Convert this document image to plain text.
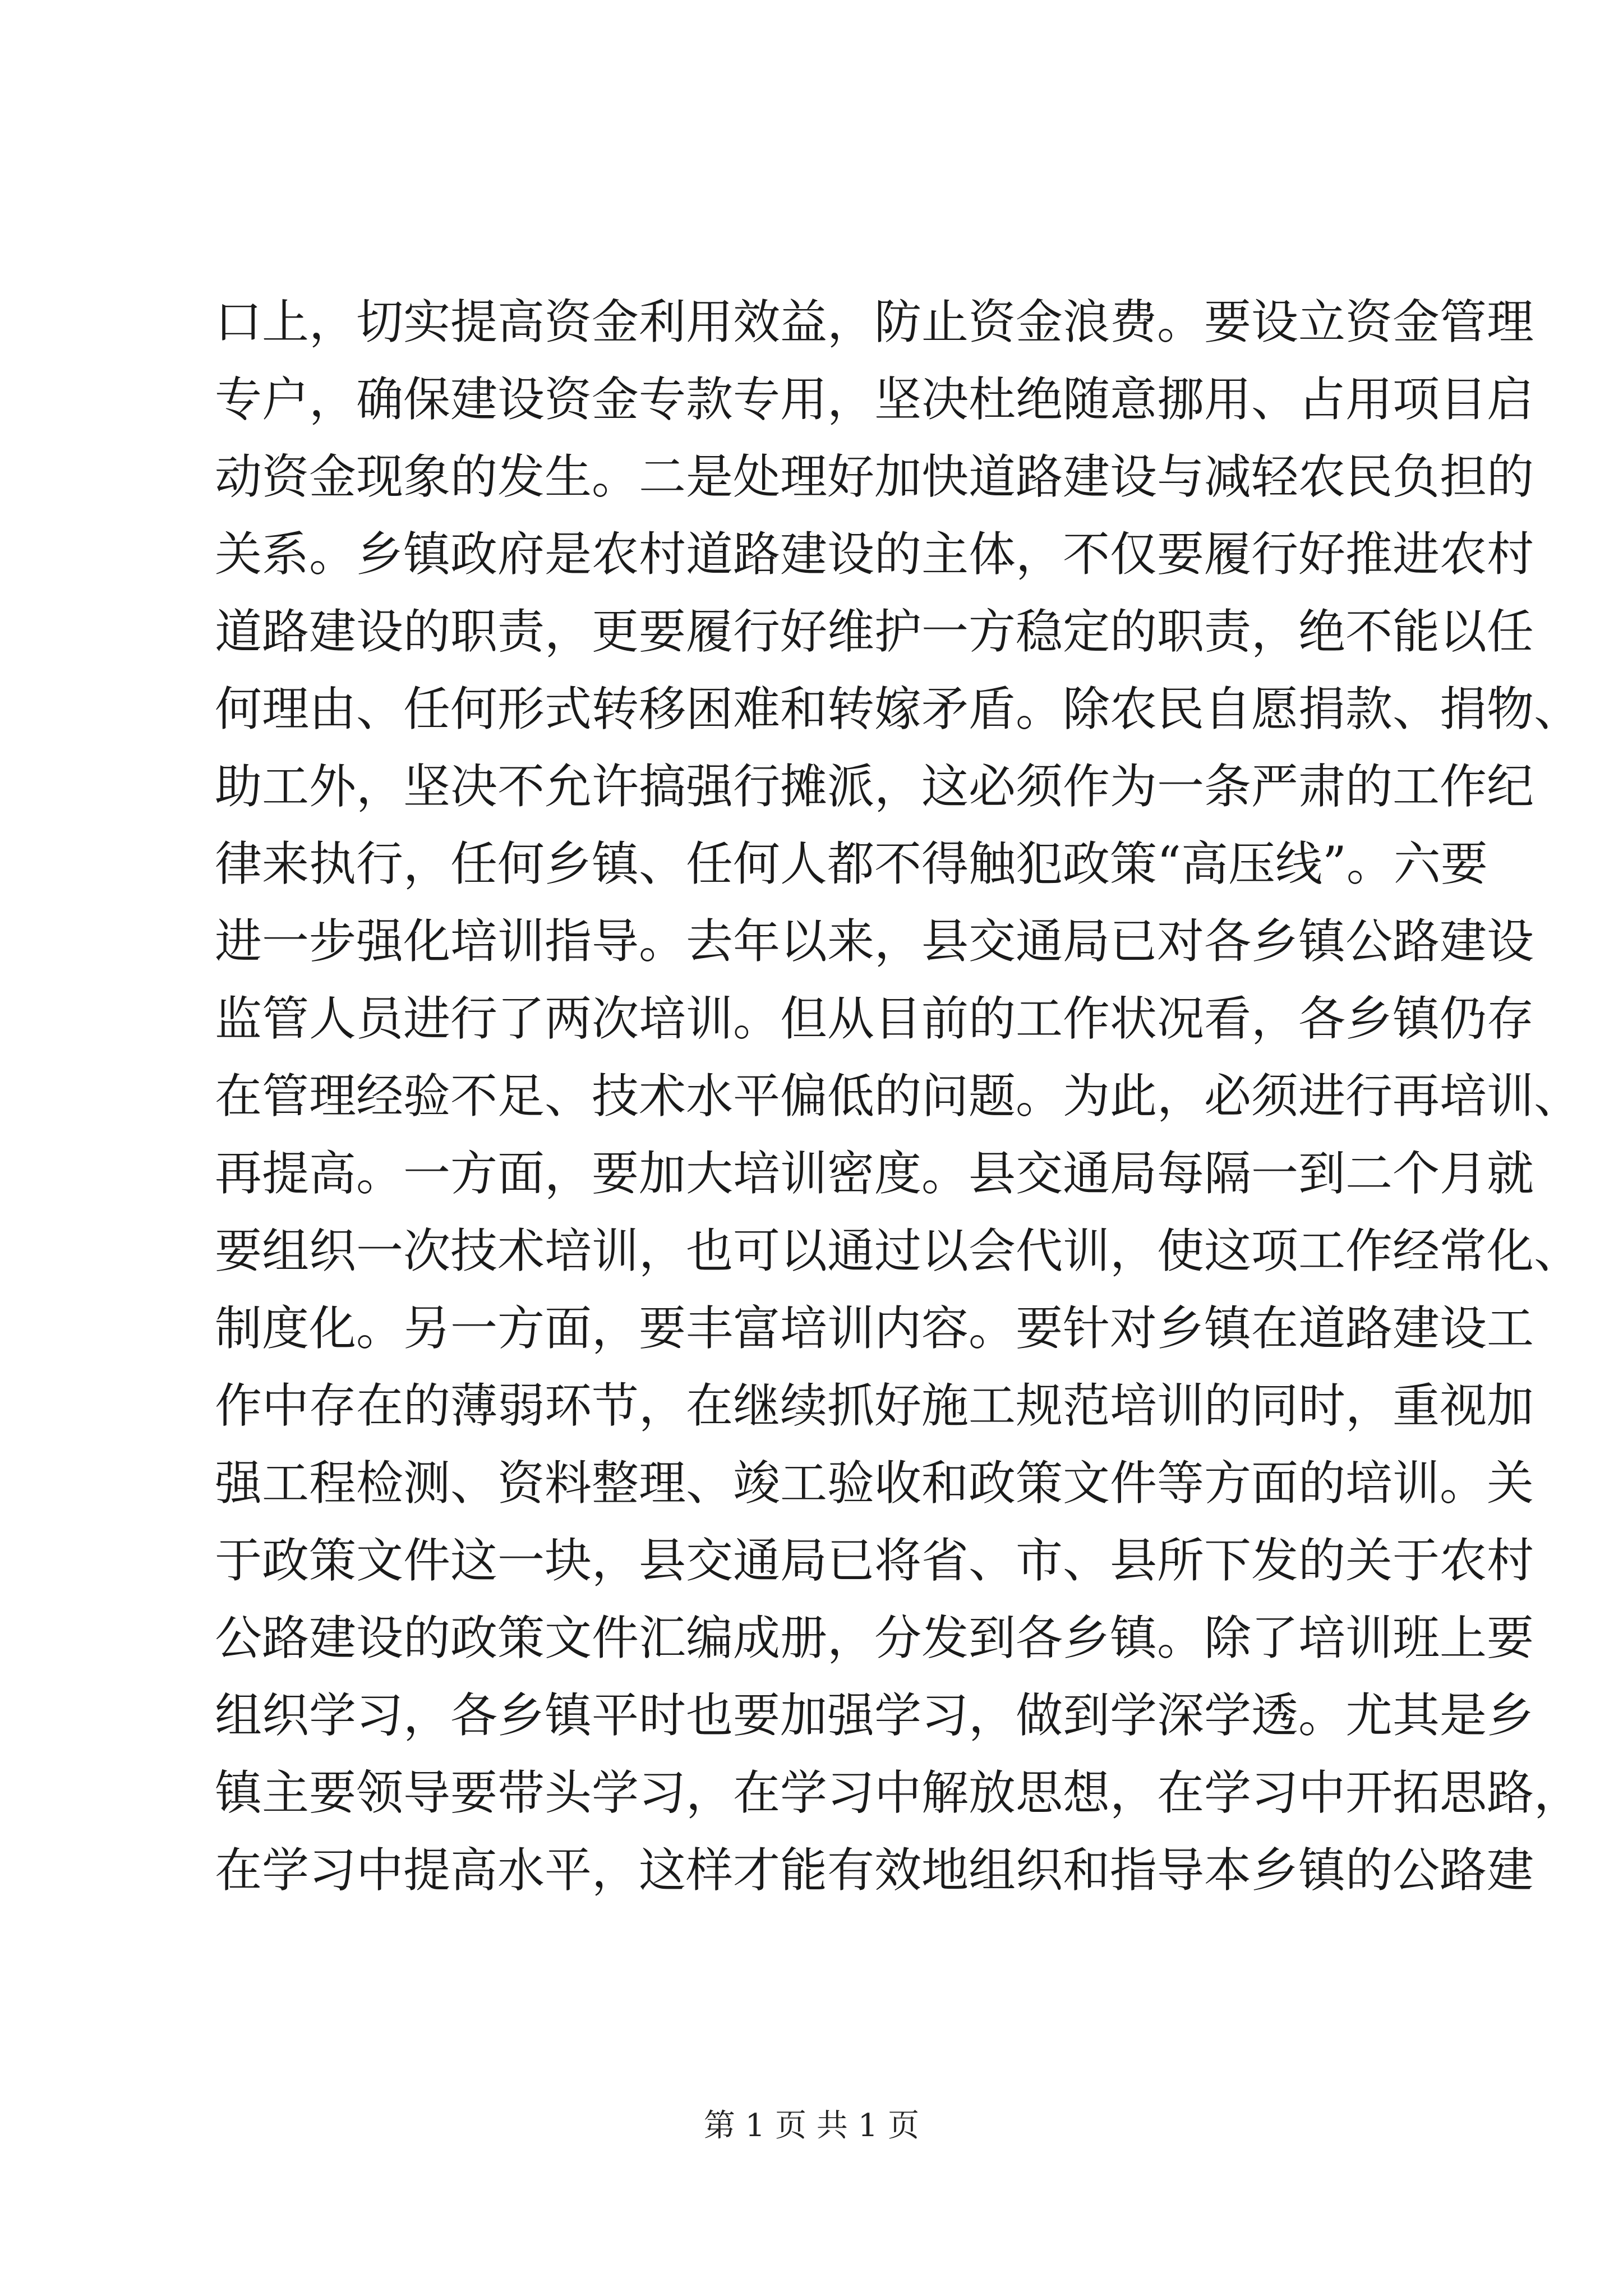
口上，切实提高资金利用效益，防止资金浪费。要设立资金管理
专户，确保建设资金专款专用，坚决杜绝随意挪用、占用项目启
动资金现象的发生。二是处理好加快道路建设与减轻农民负担的
关系。乡镇政府是农村道路建设的主体，不仅要履行好推进农村
道路建设的职责，更要履行好维护一方稳定的职责，绝不能以任
何理由、任何形式转移困难和转嫁矛盾。除农民自愿捐款、捐物、
助工外，坚决不允许搞强行摊派，这必须作为一条严肃的工作纪
律来执行，任何乡镇、任何人都不得触犯政策“高压线”。六要
进一步强化培训指导。去年以来，县交通局已对各乡镇公路建设
监管人员进行了两次培训。但从目前的工作状况看，各乡镇仍存
在管理经验不足、技术水平偏低的问题。为此，必须进行再培训、
再提高。一方面，要加大培训密度。县交通局每隔一到二个月就
要组织一次技术培训，也可以通过以会代训，使这项工作经常化、
制度化。另一方面，要丰富培训内容。要针对乡镇在道路建设工
作中存在的薄弱环节，在继续抓好施工规范培训的同时，重视加
强工程检测、资料整理、竣工验收和政策文件等方面的培训。关
于政策文件这一块，县交通局已将省、市、县所下发的关于农村
公路建设的政策文件汇编成册，分发到各乡镇。除了培训班上要
组织学习，各乡镇平时也要加强学习，做到学深学透。尤其是乡
镇主要领导要带头学习，在学习中解放思想，在学习中开拓思路，
在学习中提高水平，这样才能有效地组织和指导本乡镇的公路建
第 1 页 共 1 页
